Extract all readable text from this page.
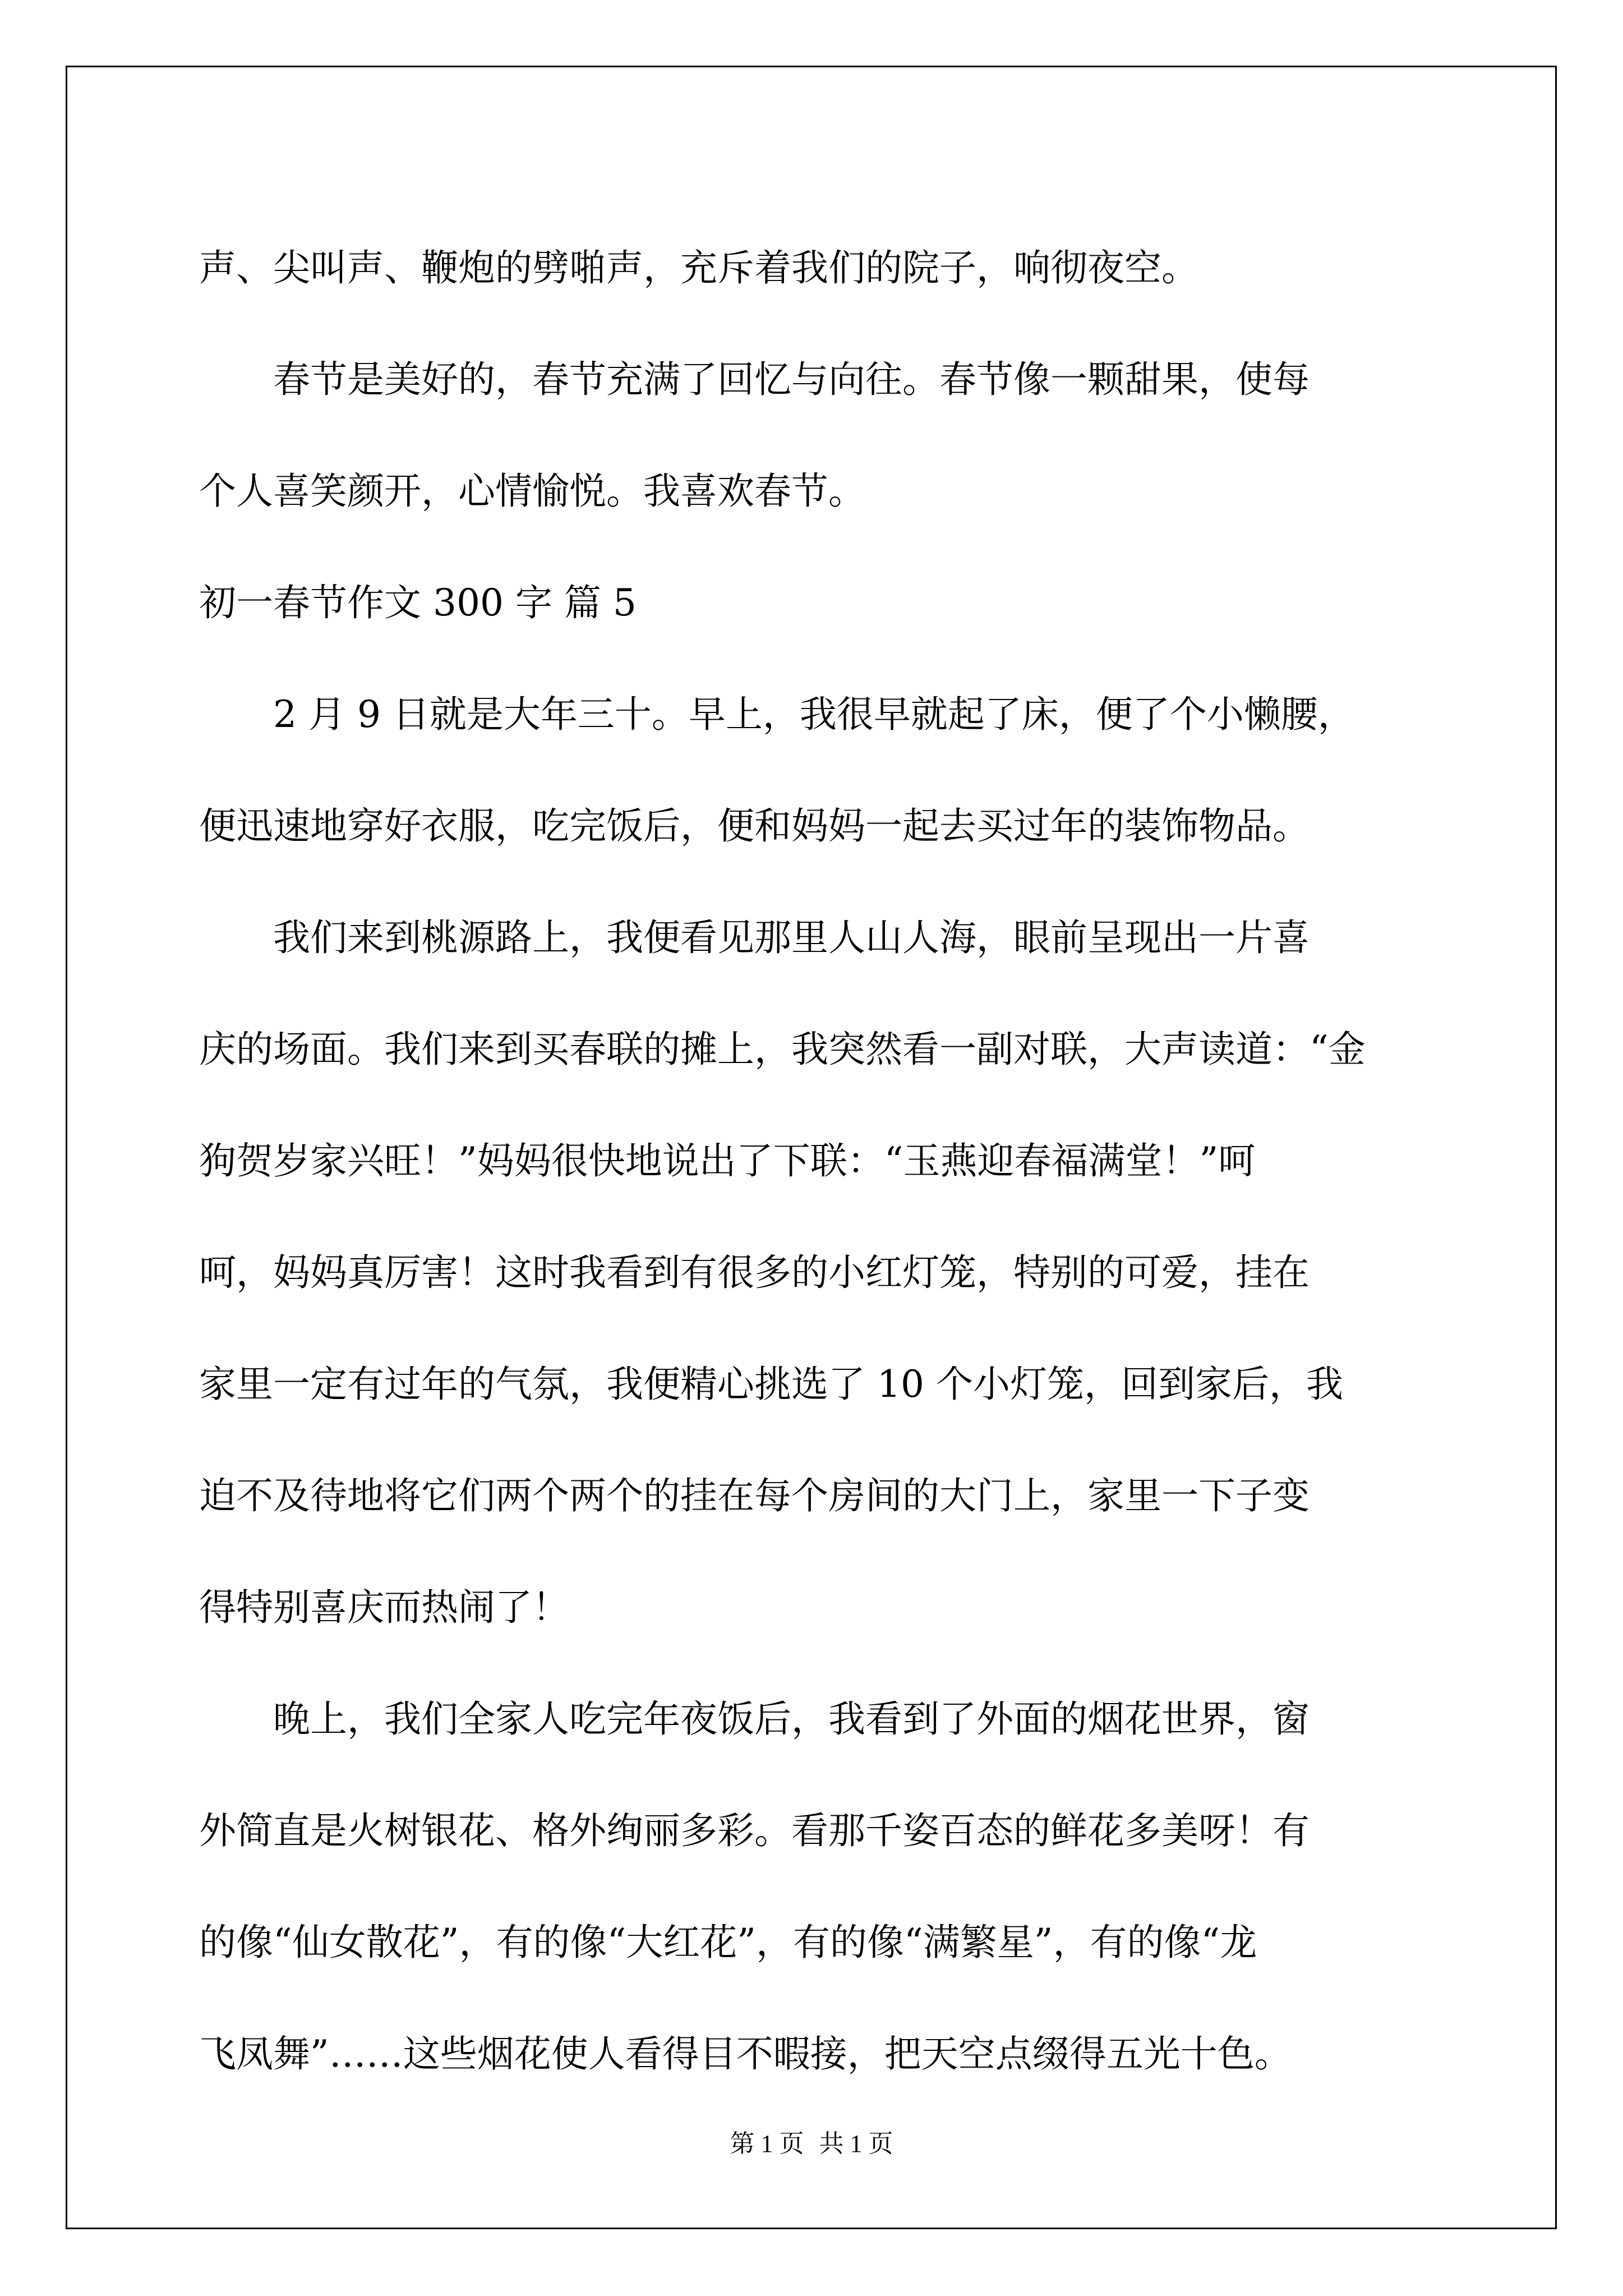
声、尖叫声、鞭炮的劈啪声，充斥着我们的院子，响彻夜空。
春节是美好的，春节充满了回忆与向往。春节像一颗甜果，使每
个人喜笑颜开，心情愉悦。我喜欢春节。
初一春节作文 300 字 篇 5
2 月 9 日就是大年三十。早上，我很早就起了床，便了个小懒腰，
便迅速地穿好衣服，吃完饭后，便和妈妈一起去买过年的装饰物品。
我们来到桃源路上，我便看见那里人山人海，眼前呈现出一片喜
庆的场面。我们来到买春联的摊上，我突然看一副对联，大声读道：“金
狗贺岁家兴旺！”妈妈很快地说出了下联：“玉燕迎春福满堂！”呵
呵，妈妈真厉害！这时我看到有很多的小红灯笼，特别的可爱，挂在
家里一定有过年的气氛，我便精心挑选了 10 个小灯笼，回到家后，我
迫不及待地将它们两个两个的挂在每个房间的大门上，家里一下子变
得特别喜庆而热闹了！
晚上，我们全家人吃完年夜饭后，我看到了外面的烟花世界，窗
外简直是火树银花、格外绚丽多彩。看那千姿百态的鲜花多美呀！有
的像“仙女散花”，有的像“大红花”，有的像“满繁星”，有的像“龙
飞凤舞”……这些烟花使人看得目不暇接，把天空点缀得五光十色。
第 1 页 共 1 页
